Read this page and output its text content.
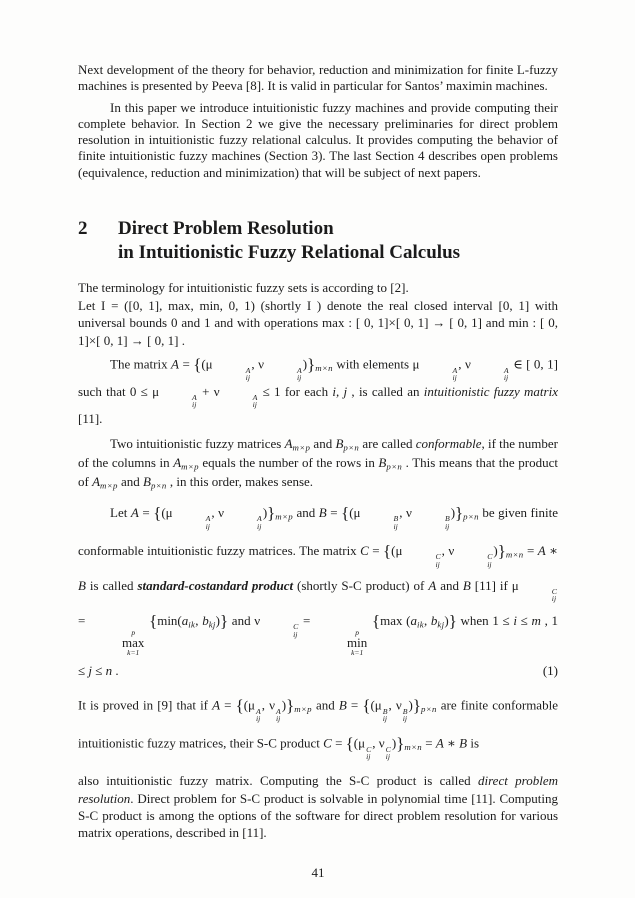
Next development of the theory for behavior, reduction and minimization for finite L-fuzzy machines is presented by Peeva [8]. It is valid in particular for Santos’ maximin machines.

In this paper we introduce intuitionistic fuzzy machines and provide computing their complete behavior. In Section 2 we give the necessary preliminaries for direct problem resolution in intuitionistic fuzzy relational calculus. It provides computing the behavior of finite intuitionistic fuzzy machines (Section 3). The last Section 4 describes open problems (equivalence, reduction and minimization) that will be subject of next papers.

2	Direct Problem Resolution
in Intuitionistic Fuzzy Relational Calculus

The terminology for intuitionistic fuzzy sets is according to [2].

Let I = ([0, 1], max, min, 0, 1) (shortly I ) denote the real closed interval [0, 1] with universal bounds 0 and 1 and with operations max : [ 0, 1]×[ 0, 1] → [ 0, 1] and min : [ 0, 1]×[ 0, 1] → [ 0, 1] .

The matrix A = {(μ	A
ij
, ν	A
ij
)}$_{m\times n}$ with elements μ	A
ij
, ν	A
ij
∈ [ 0, 1] such that 0 ≤ μ	A
ij
+ ν	A
ij
≤ 1 for each i, j , is called an intuitionistic fuzzy matrix [11].

Two intuitionistic fuzzy matrices $A_{m\times p}$ and $B_{p\times n}$ are called conformable, if the number of the columns in $A_{m\times p}$ equals the number of the rows in $B_{p\times n}$ . This means that the product of $A_{m\times p}$ and $B_{p\times n}$ , in this order, makes sense.

Let A = {(μ	A
ij
, ν	A
ij
)}$_{m\times p}$ and B = {(μ	B
ij
, ν	B
ij
)}$_{p\times n}$ be given finite conformable intuitionistic fuzzy matrices. The matrix C = {(μ	C
ij
, ν	C
ij
)}$_{m\times n} = A$ ∗ B is called standard-costandard product (shortly S-C product) of A and B [11] if μ	C
ij
=
p
max
k=1
{$\min(a_{ik}$, $b_{kj}$)} and ν	C
ij
=
p
min
k=1
{max ($a_{ik}$, $b_{kj}$)} when 1 ≤ i ≤ m , 1 ≤ j ≤ n .	(1)

It is proved in [9] that if A = {(μ A
ij
, ν A
ij
)}$_{m\times p}$ and B = {(μ B
ij
, ν B
ij
)}$_{p\times n}$ are finite conformable intuitionistic fuzzy matrices, their S-C product C = {(μ C
ij
, ν C
ij
)}$_{m\times n} = A$ ∗ B is

also intuitionistic fuzzy matrix. Computing the S-C product is called direct problem resolution. Direct problem for S-C product is solvable in polynomial time [11]. Computing S-C product is among the options of the software for direct problem resolution for various matrix operations, described in [11].

41
